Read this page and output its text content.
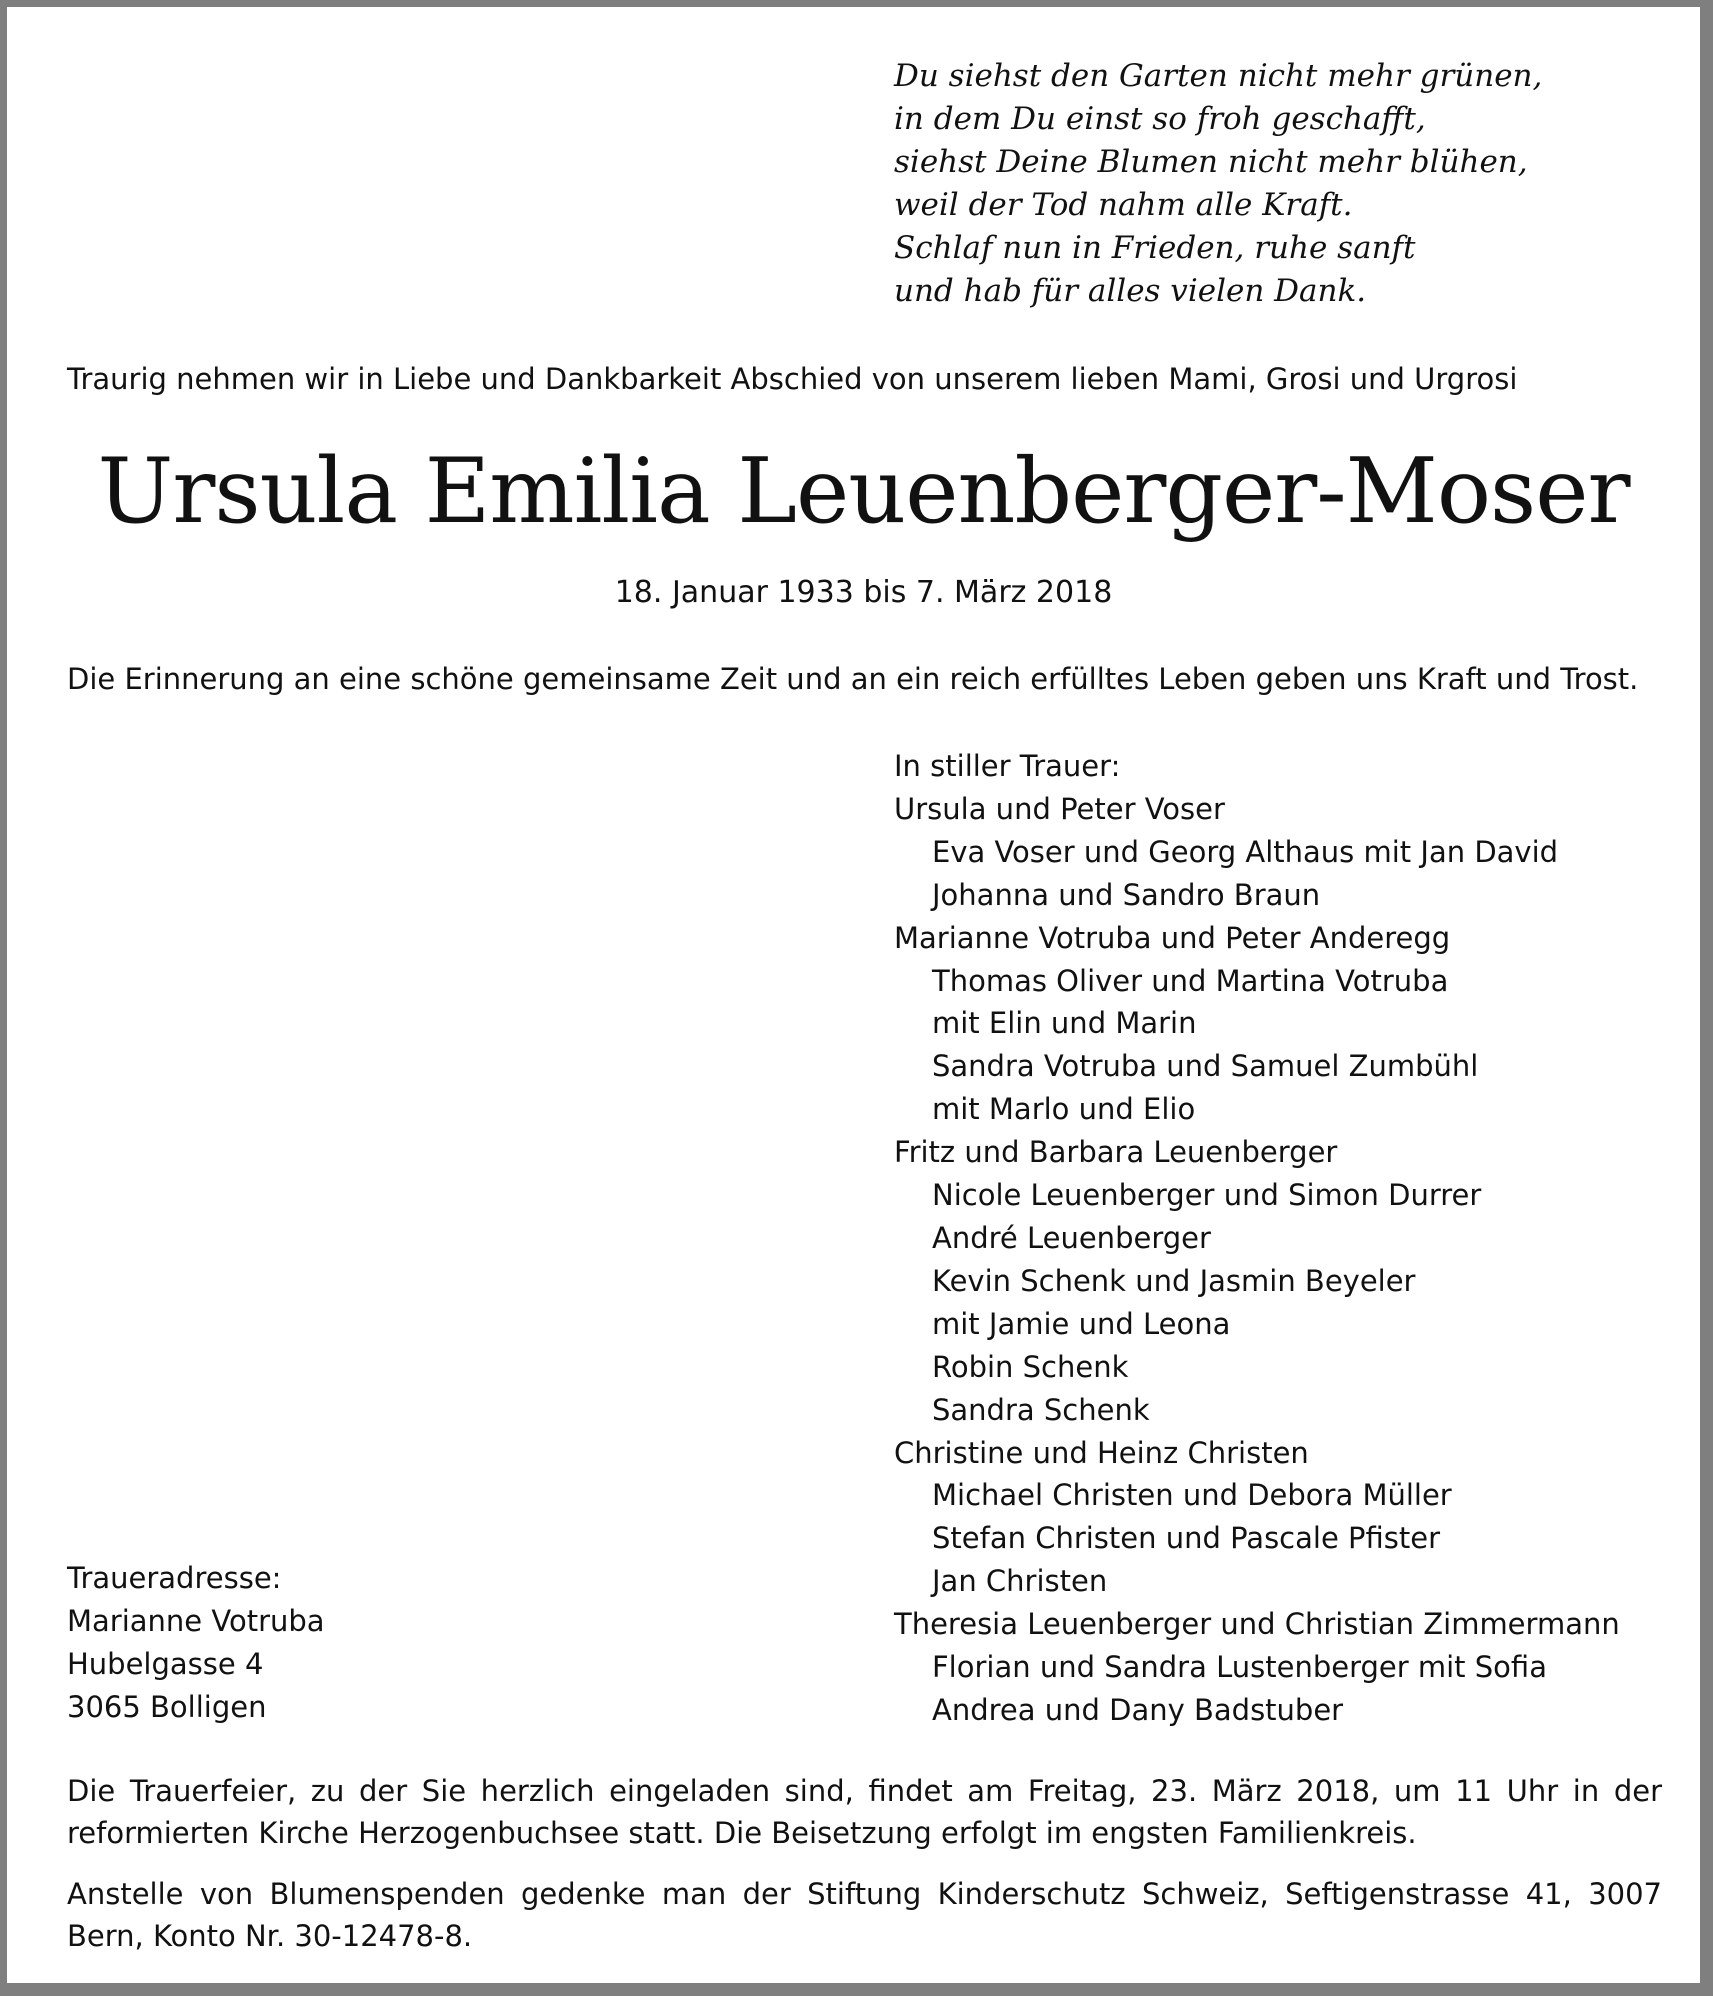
Du siehst den Garten nicht mehr grünen,
in dem Du einst so froh geschafft,
siehst Deine Blumen nicht mehr blühen,
weil der Tod nahm alle Kraft.
Schlaf nun in Frieden, ruhe sanft
und hab für alles vielen Dank.
Traurig nehmen wir in Liebe und Dankbarkeit Abschied von unserem lieben Mami, Grosi und Urgrosi
Ursula Emilia Leuenberger-Moser
18. Januar 1933 bis 7. März 2018
Die Erinnerung an eine schöne gemeinsame Zeit und an ein reich erfülltes Leben geben uns Kraft und Trost.
In stiller Trauer:
Ursula und Peter Voser
Eva Voser und Georg Althaus mit Jan David
Johanna und Sandro Braun
Marianne Votruba und Peter Anderegg
Thomas Oliver und Martina Votruba
mit Elin und Marin
Sandra Votruba und Samuel Zumbühl
mit Marlo und Elio
Fritz und Barbara Leuenberger
Nicole Leuenberger und Simon Durrer
André Leuenberger
Kevin Schenk und Jasmin Beyeler
mit Jamie und Leona
Robin Schenk
Sandra Schenk
Christine und Heinz Christen
Michael Christen und Debora Müller
Stefan Christen und Pascale Pfister
Jan Christen
Theresia Leuenberger und Christian Zimmermann
Florian und Sandra Lustenberger mit Sofia
Andrea und Dany Badstuber
Traueradresse:
Marianne Votruba
Hubelgasse 4
3065 Bolligen
Die Trauerfeier, zu der Sie herzlich eingeladen sind, findet am Freitag, 23. März 2018, um 11 Uhr in der reformierten Kirche Herzogenbuchsee statt. Die Beisetzung erfolgt im engsten Familienkreis.
Anstelle von Blumenspenden gedenke man der Stiftung Kinderschutz Schweiz, Seftigenstrasse 41, 3007 Bern, Konto Nr. 30-12478-8.
